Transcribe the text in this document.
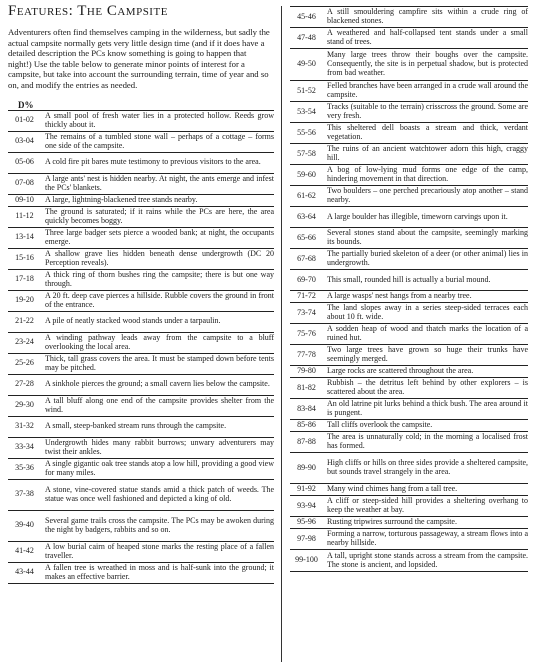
Features: The Campsite
Adventurers often find themselves camping in the wilderness, but sadly the actual campsite normally gets very little design time (and if it does have a detailed description the PCs know something is going to happen that night!) Use the table below to generate minor points of interest for a campsite, but take into account the surrounding terrain, time of year and so on, and modify the entries as needed.
D%
01-02	A small pool of fresh water lies in a protected hollow. Reeds grow thickly about it.
03-04	The remains of a tumbled stone wall – perhaps of a cottage – forms one side of the campsite.
05-06	A cold fire pit bares mute testimony to previous visitors to the area.
07-08	A large ants' nest is hidden nearby. At night, the ants emerge and infest the PCs' blankets.
09-10	A large, lightning-blackened tree stands nearby.
11-12	The ground is saturated; if it rains while the PCs are here, the area quickly becomes boggy.
13-14	Three large badger sets pierce a wooded bank; at night, the occupants emerge.
15-16	A shallow grave lies hidden beneath dense undergrowth (DC 20 Perception reveals).
17-18	A thick ring of thorn bushes ring the campsite; there is but one way through.
19-20	A 20 ft. deep cave pierces a hillside. Rubble covers the ground in front of the entrance.
21-22	A pile of neatly stacked wood stands under a tarpaulin.
23-24	A winding pathway leads away from the campsite to a bluff overlooking the local area.
25-26	Thick, tall grass covers the area. It must be stamped down before tents may be pitched.
27-28	A sinkhole pierces the ground; a small cavern lies below the campsite.
29-30	A tall bluff along one end of the campsite provides shelter from the wind.
31-32	A small, steep-banked stream runs through the campsite.
33-34	Undergrowth hides many rabbit burrows; unwary adventurers may twist their ankles.
35-36	A single gigantic oak tree stands atop a low hill, providing a good view for many miles.
37-38	A stone, vine-covered statue stands amid a thick patch of weeds. The statue was once well fashioned and depicted a king of old.
39-40	Several game trails cross the campsite. The PCs may be awoken during the night by badgers, rabbits and so on.
41-42	A low burial cairn of heaped stone marks the resting place of a fallen traveller.
43-44	A fallen tree is wreathed in moss and is half-sunk into the ground; it makes an effective barrier.
45-46	A still smouldering campfire sits within a crude ring of blackened stones.
47-48	A weathered and half-collapsed tent stands under a small stand of trees.
49-50	Many large trees throw their boughs over the campsite. Consequently, the site is in perpetual shadow, but is protected from bad weather.
51-52	Felled branches have been arranged in a crude wall around the campsite.
53-54	Tracks (suitable to the terrain) crisscross the ground. Some are very fresh.
55-56	This sheltered dell boasts a stream and thick, verdant vegetation.
57-58	The ruins of an ancient watchtower adorn this high, craggy hill.
59-60	A bog of low-lying mud forms one edge of the camp, hindering movement in that direction.
61-62	Two boulders – one perched precariously atop another – stand nearby.
63-64	A large boulder has illegible, timeworn carvings upon it.
65-66	Several stones stand about the campsite, seemingly marking its bounds.
67-68	The partially buried skeleton of a deer (or other animal) lies in undergrowth.
69-70	This small, rounded hill is actually a burial mound.
71-72	A large wasps' nest hangs from a nearby tree.
73-74	The land slopes away in a series steep-sided terraces each about 10 ft. wide.
75-76	A sodden heap of wood and thatch marks the location of a ruined hut.
77-78	Two large trees have grown so huge their trunks have seemingly merged.
79-80	Large rocks are scattered throughout the area.
81-82	Rubbish – the detritus left behind by other explorers – is scattered about the area.
83-84	An old latrine pit lurks behind a thick bush. The area around it is pungent.
85-86	Tall cliffs overlook the campsite.
87-88	The area is unnaturally cold; in the morning a localised frost has formed.
89-90	High cliffs or hills on three sides provide a sheltered campsite, but sounds travel strangely in the area.
91-92	Many wind chimes hang from a tall tree.
93-94	A cliff or steep-sided hill provides a sheltering overhang to keep the weather at bay.
95-96	Rusting tripwires surround the campsite.
97-98	Forming a narrow, torturous passageway, a stream flows into a nearby hillside.
99-100	A tall, upright stone stands across a stream from the campsite. The stone is ancient, and lopsided.
